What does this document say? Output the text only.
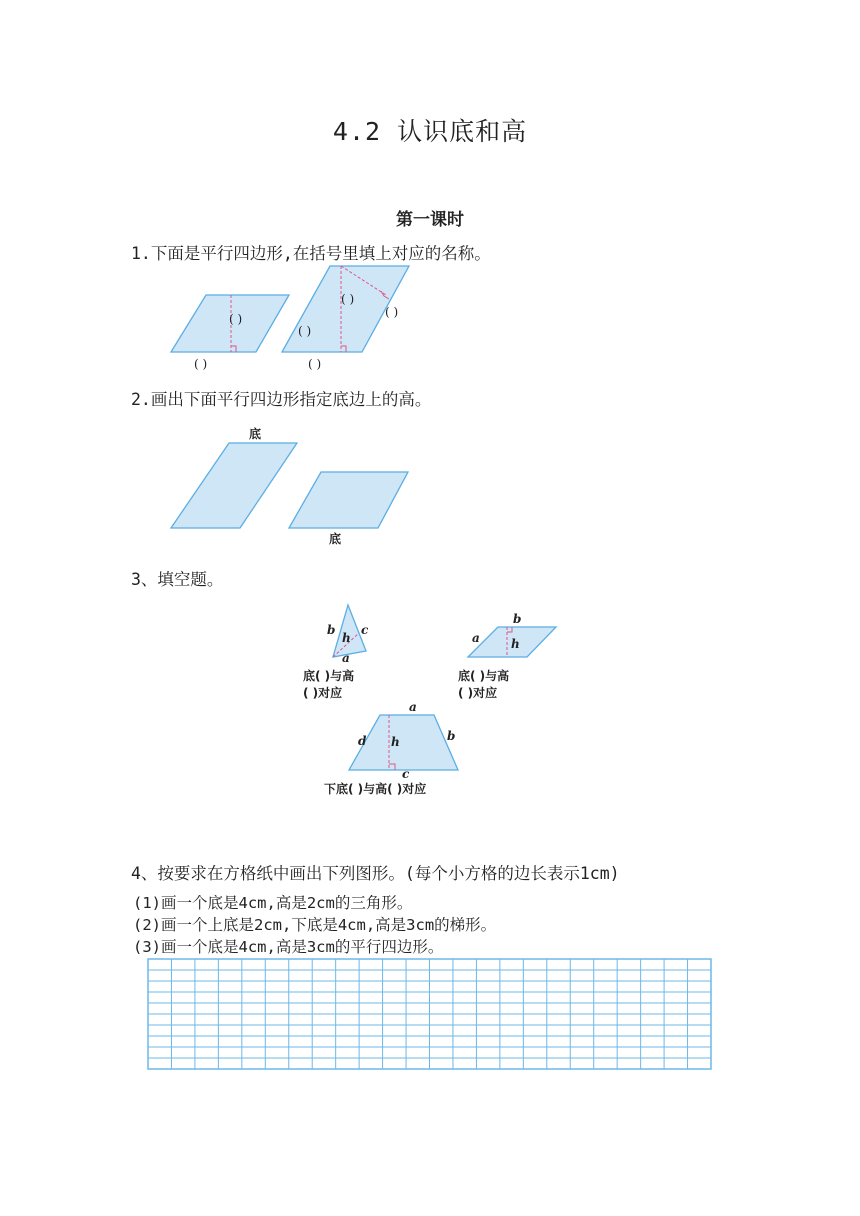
4.2 认识底和高
第一课时
1.下面是平行四边形,在括号里填上对应的名称。
( )
( )
( )
( )
( )
( )
2.画出下面平行四边形指定底边上的高。
底
底
3、填空题。
b
h
c
a
底( )与高
( )对应
b
a	h
底( )与高
( )对应
a
d h	b
c
下底( )与高( )对应
4、按要求在方格纸中画出下列图形。(每个小方格的边长表示1cm)
(1)画一个底是4cm,高是2cm的三角形。
(2)画一个上底是2cm,下底是4cm,高是3cm的梯形。
(3)画一个底是4cm,高是3cm的平行四边形。
